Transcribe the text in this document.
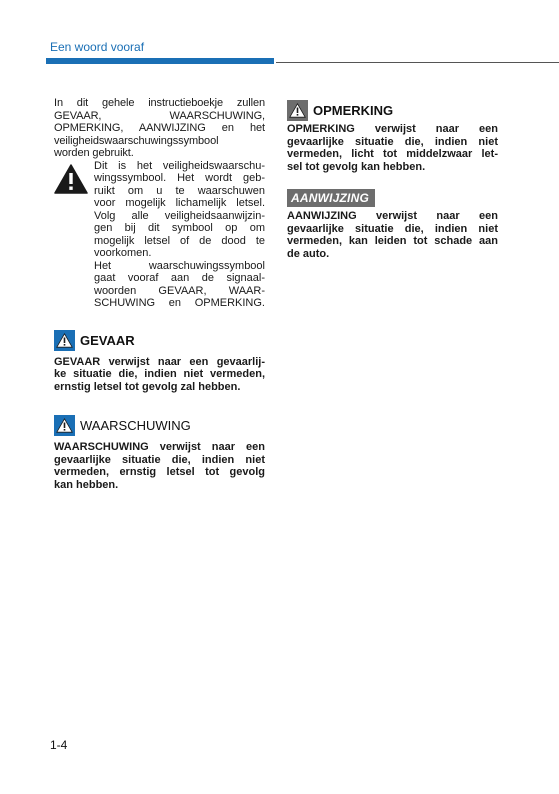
Een woord vooraf

In dit gehele instructieboekje zullen

GEVAAR, WAARSCHUWING,

OPMERKING, AANWIJZING en het

veiligheidswaarschuwingssymbool

worden gebruikt.

Dit is het veiligheidswaarschu-

wingssymbool. Het wordt geb-

ruikt om u te waarschuwen

voor mogelijk lichamelijk letsel.

Volg alle veiligheidsaanwijzin-

gen bij dit symbool op om

mogelijk letsel of de dood te

voorkomen.

Het waarschuwingssymbool

gaat vooraf aan de signaal-

woorden GEVAAR, WAAR-

SCHUWING en OPMERKING.

GEVAAR

GEVAAR verwijst naar een gevaarlij-

ke situatie die, indien niet vermeden,

ernstig letsel tot gevolg zal hebben.

WAARSCHUWING

WAARSCHUWING verwijst naar een

gevaarlijke situatie die, indien niet

vermeden, ernstig letsel tot gevolg

kan hebben.

OPMERKING

OPMERKING verwijst naar een

gevaarlijke situatie die, indien niet

vermeden, licht tot middelzwaar let-

sel tot gevolg kan hebben.

AANWIJZING

AANWIJZING verwijst naar een

gevaarlijke situatie die, indien niet

vermeden, kan leiden tot schade aan

de auto.

1-4
